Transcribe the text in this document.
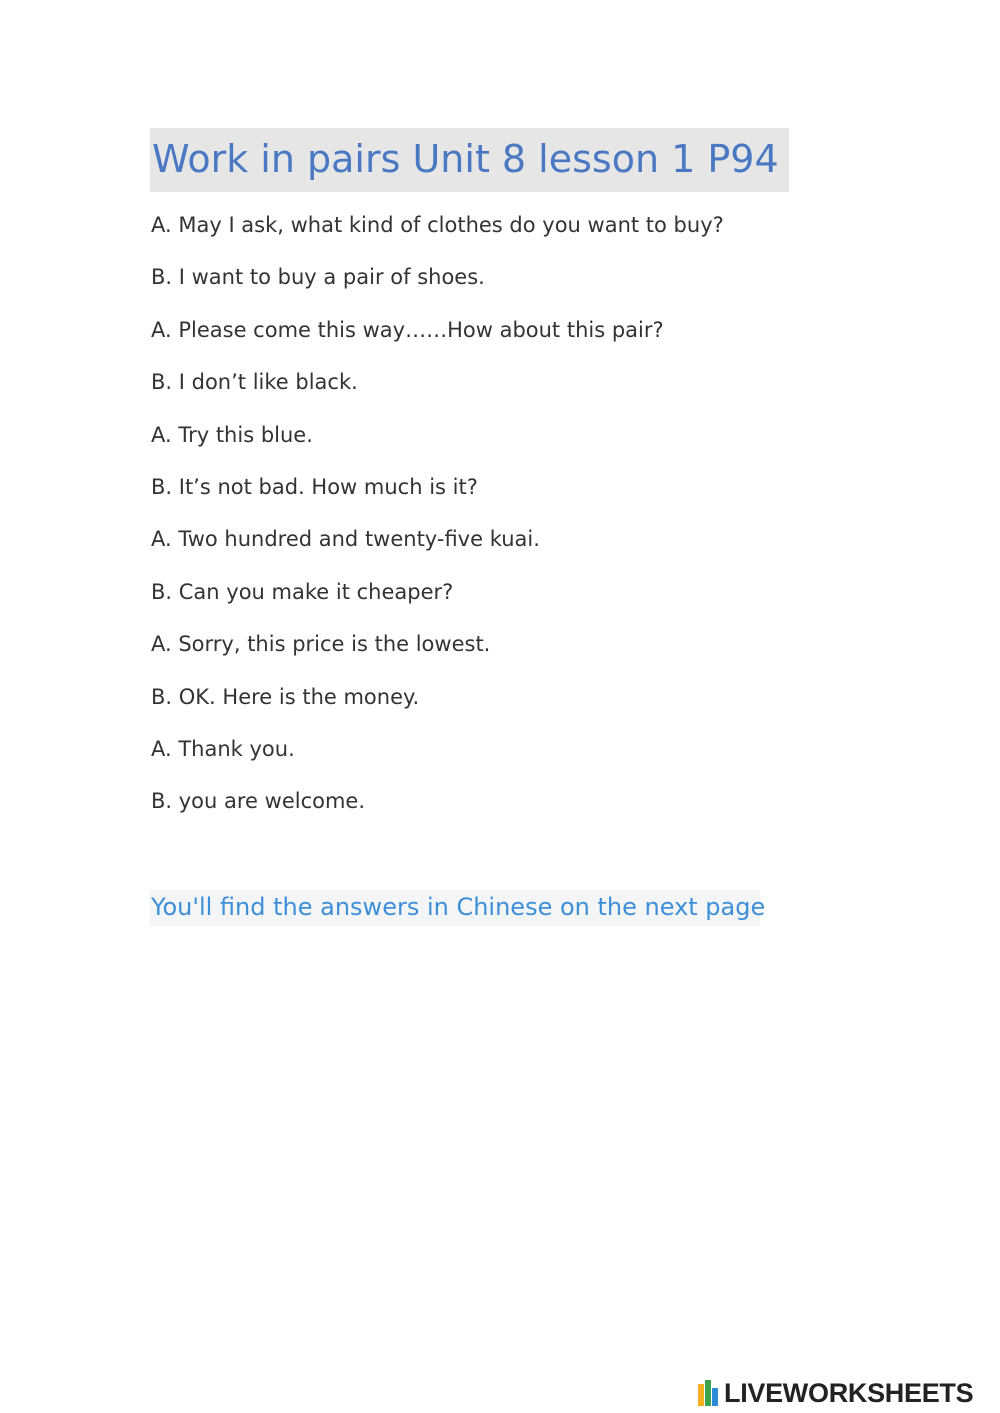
Work in pairs Unit 8 lesson 1 P94
A. May I ask, what kind of clothes do you want to buy?
B. I want to buy a pair of shoes.
A. Please come this way……How about this pair?
B. I don’t like black.
A. Try this blue.
B. It’s not bad. How much is it?
A. Two hundred and twenty-five kuai.
B. Can you make it cheaper?
A. Sorry, this price is the lowest.
B. OK. Here is the money.
A. Thank you.
B. you are welcome.
You'll find the answers in Chinese on the next page
LIVEWORKSHEETS
